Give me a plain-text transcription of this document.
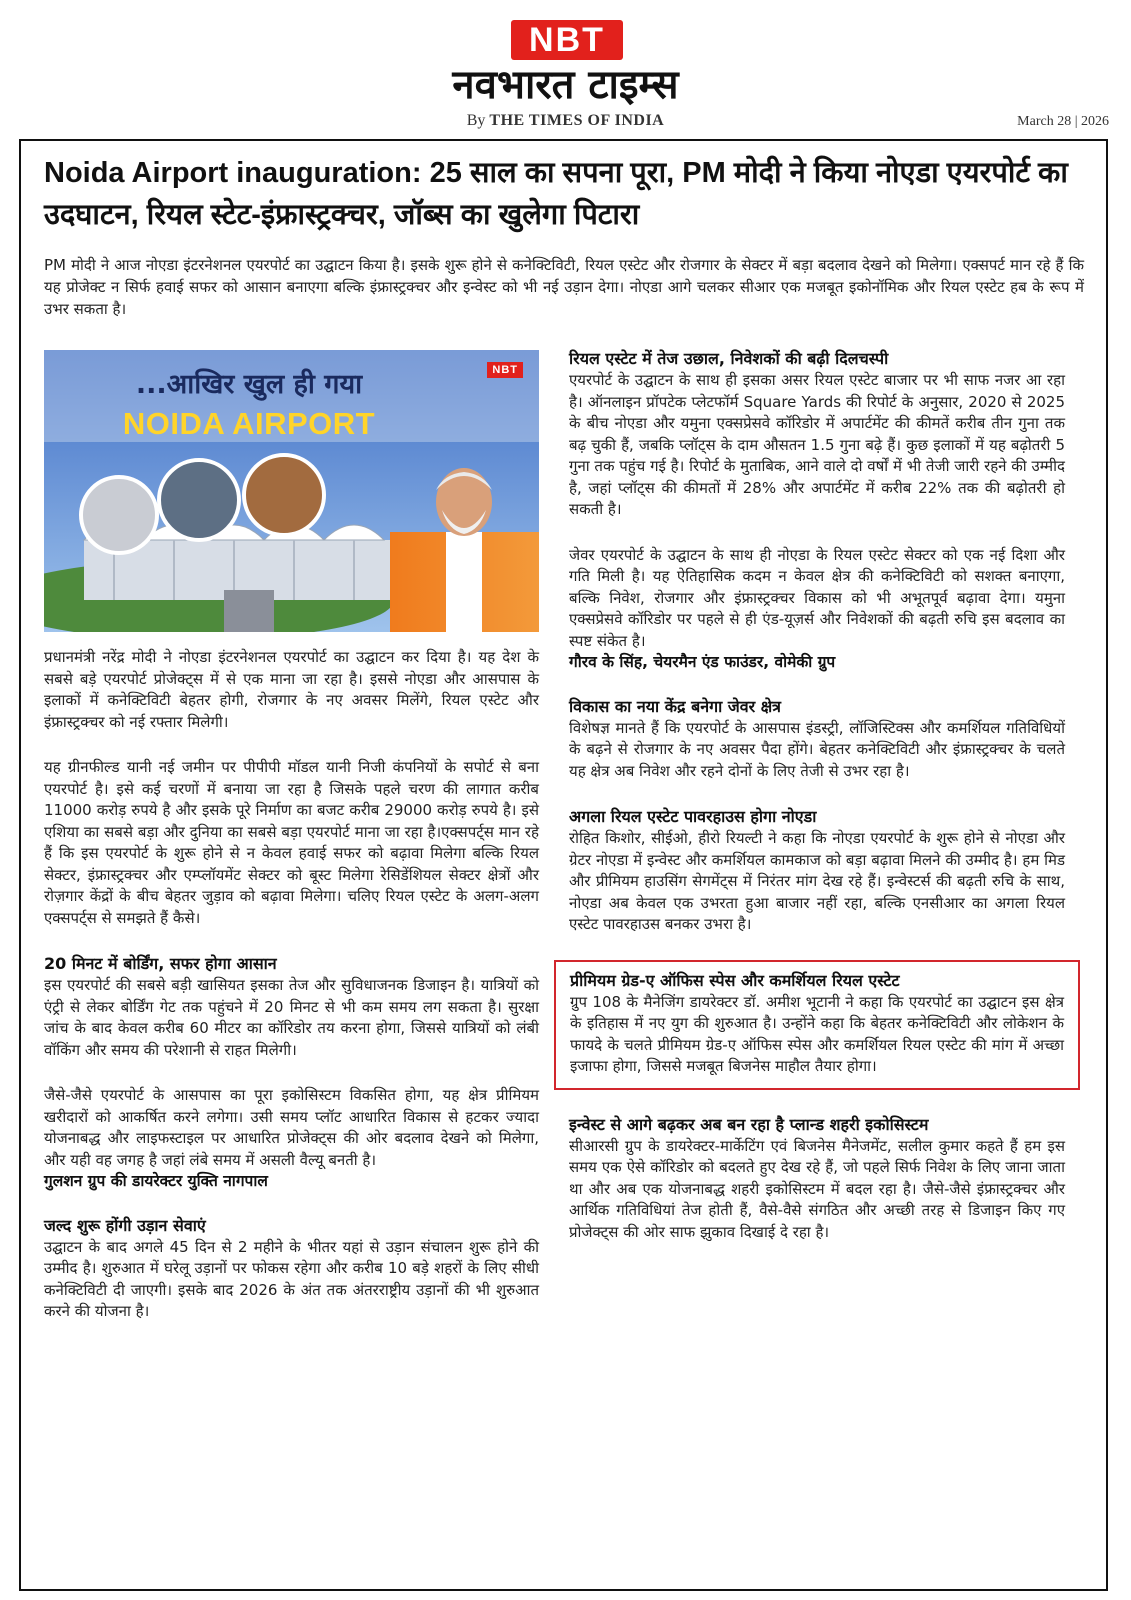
NBT
नवभारत टाइम्स
By THE TIMES OF INDIA	March 28 | 2026
Noida Airport inauguration: 25 साल का सपना पूरा, PM मोदी ने किया नोएडा एयरपोर्ट का उदघाटन, रियल स्टेट-इंफ्रास्ट्रक्चर, जॉब्स का खुलेगा पिटारा
PM मोदी ने आज नोएडा इंटरनेशनल एयरपोर्ट का उद्घाटन किया है। इसके शुरू होने से कनेक्टिविटी, रियल एस्टेट और रोजगार के सेक्टर में बड़ा बदलाव देखने को मिलेगा। एक्सपर्ट मान रहे हैं कि यह प्रोजेक्ट न सिर्फ हवाई सफर को आसान बनाएगा बल्कि इंफ्रास्ट्रक्चर और इन्वेस्ट को भी नई उड़ान देगा। नोएडा आगे चलकर सीआर एक मजबूत इकोनॉमिक और रियल एस्टेट हब के रूप में उभर सकता है।
...आखिर खुल ही गया
NOIDA AIRPORT
NBT

प्रधानमंत्री नरेंद्र मोदी ने नोएडा इंटरनेशनल एयरपोर्ट का उद्घाटन कर दिया है। यह देश के सबसे बड़े एयरपोर्ट प्रोजेक्ट्स में से एक माना जा रहा है। इससे नोएडा और आसपास के इलाकों में कनेक्टिविटी बेहतर होगी, रोजगार के नए अवसर मिलेंगे, रियल एस्टेट और इंफ्रास्ट्रक्चर को नई रफ्तार मिलेगी।

यह ग्रीनफील्ड यानी नई जमीन पर पीपीपी मॉडल यानी निजी कंपनियों के सपोर्ट से बना एयरपोर्ट है। इसे कई चरणों में बनाया जा रहा है जिसके पहले चरण की लागात करीब 11000 करोड़ रुपये है और इसके पूरे निर्माण का बजट करीब 29000 करोड़ रुपये है। इसे एशिया का सबसे बड़ा और दुनिया का सबसे बड़ा एयरपोर्ट माना जा रहा है।एक्सपर्ट्स मान रहे हैं कि इस एयरपोर्ट के शुरू होने से न केवल हवाई सफर को बढ़ावा मिलेगा बल्कि रियल सेक्टर, इंफ्रास्ट्रक्चर और एम्प्लॉयमेंट सेक्टर को बूस्ट मिलेगा रेसिडेंशियल सेक्टर क्षेत्रों और रोज़गार केंद्रों के बीच बेहतर जुड़ाव को बढ़ावा मिलेगा। चलिए रियल एस्टेट के अलग-अलग एक्सपर्ट्स से समझते हैं कैसे।

20 मिनट में बोर्डिंग, सफर होगा आसान

इस एयरपोर्ट की सबसे बड़ी खासियत इसका तेज और सुविधाजनक डिजाइन है। यात्रियों को एंट्री से लेकर बोर्डिंग गेट तक पहुंचने में 20 मिनट से भी कम समय लग सकता है। सुरक्षा जांच के बाद केवल करीब 60 मीटर का कॉरिडोर तय करना होगा, जिससे यात्रियों को लंबी वॉकिंग और समय की परेशानी से राहत मिलेगी।

जैसे-जैसे एयरपोर्ट के आसपास का पूरा इकोसिस्टम विकसित होगा, यह क्षेत्र प्रीमियम खरीदारों को आकर्षित करने लगेगा। उसी समय प्लॉट आधारित विकास से हटकर ज्यादा योजनाबद्ध और लाइफस्टाइल पर आधारित प्रोजेक्ट्स की ओर बदलाव देखने को मिलेगा, और यही वह जगह है जहां लंबे समय में असली वैल्यू बनती है।

गुलशन ग्रुप की डायरेक्टर युक्ति नागपाल
जल्द शुरू होंगी उड़ान सेवाएं

उद्घाटन के बाद अगले 45 दिन से 2 महीने के भीतर यहां से उड़ान संचालन शुरू होने की उम्मीद है। शुरुआत में घरेलू उड़ानों पर फोकस रहेगा और करीब 10 बड़े शहरों के लिए सीधी कनेक्टिविटी दी जाएगी। इसके बाद 2026 के अंत तक अंतरराष्ट्रीय उड़ानों की भी शुरुआत करने की योजना है।

रियल एस्टेट में तेज उछाल, निवेशकों की बढ़ी दिलचस्पी

एयरपोर्ट के उद्घाटन के साथ ही इसका असर रियल एस्टेट बाजार पर भी साफ नजर आ रहा है। ऑनलाइन प्रॉपटेक प्लेटफॉर्म Square Yards की रिपोर्ट के अनुसार, 2020 से 2025 के बीच नोएडा और यमुना एक्सप्रेसवे कॉरिडोर में अपार्टमेंट की कीमतें करीब तीन गुना तक बढ़ चुकी हैं, जबकि प्लॉट्स के दाम औसतन 1.5 गुना बढ़े हैं। कुछ इलाकों में यह बढ़ोतरी 5 गुना तक पहुंच गई है। रिपोर्ट के मुताबिक, आने वाले दो वर्षों में भी तेजी जारी रहने की उम्मीद है, जहां प्लॉट्स की कीमतों में 28% और अपार्टमेंट में करीब 22% तक की बढ़ोतरी हो सकती है।

जेवर एयरपोर्ट के उद्घाटन के साथ ही नोएडा के रियल एस्टेट सेक्टर को एक नई दिशा और गति मिली है। यह ऐतिहासिक कदम न केवल क्षेत्र की कनेक्टिविटी को सशक्त बनाएगा, बल्कि निवेश, रोजगार और इंफ्रास्ट्रक्चर विकास को भी अभूतपूर्व बढ़ावा देगा। यमुना एक्सप्रेसवे कॉरिडोर पर पहले से ही एंड-यूज़र्स और निवेशकों की बढ़ती रुचि इस बदलाव का स्पष्ट संकेत है।

गौरव के सिंह, चेयरमैन एंड फाउंडर, वोमेकी ग्रुप
विकास का नया केंद्र बनेगा जेवर क्षेत्र

विशेषज्ञ मानते हैं कि एयरपोर्ट के आसपास इंडस्ट्री, लॉजिस्टिक्स और कमर्शियल गतिविधियों के बढ़ने से रोजगार के नए अवसर पैदा होंगे। बेहतर कनेक्टिविटी और इंफ्रास्ट्रक्चर के चलते यह क्षेत्र अब निवेश और रहने दोनों के लिए तेजी से उभर रहा है।

अगला रियल एस्टेट पावरहाउस होगा नोएडा

रोहित किशोर, सीईओ, हीरो रियल्टी ने कहा कि नोएडा एयरपोर्ट के शुरू होने से नोएडा और ग्रेटर नोएडा में इन्वेस्ट और कमर्शियल कामकाज को बड़ा बढ़ावा मिलने की उम्मीद है। हम मिड और प्रीमियम हाउसिंग सेगमेंट्स में निरंतर मांग देख रहे हैं। इन्वेस्टर्स की बढ़ती रुचि के साथ, नोएडा अब केवल एक उभरता हुआ बाजार नहीं रहा, बल्कि एनसीआर का अगला रियल एस्टेट पावरहाउस बनकर उभरा है।

प्रीमियम ग्रेड-ए ऑफिस स्पेस और कमर्शियल रियल एस्टेट

ग्रुप 108 के मैनेजिंग डायरेक्टर डॉ. अमीश भूटानी ने कहा कि एयरपोर्ट का उद्घाटन इस क्षेत्र के इतिहास में नए युग की शुरुआत है। उन्होंने कहा कि बेहतर कनेक्टिविटी और लोकेशन के फायदे के चलते प्रीमियम ग्रेड-ए ऑफिस स्पेस और कमर्शियल रियल एस्टेट की मांग में अच्छा इजाफा होगा, जिससे मजबूत बिजनेस माहौल तैयार होगा।

इन्वेस्ट से आगे बढ़कर अब बन रहा है प्लान्ड शहरी इकोसिस्टम

सीआरसी ग्रुप के डायरेक्टर-मार्केटिंग एवं बिजनेस मैनेजमेंट, सलील कुमार कहते हैं हम इस समय एक ऐसे कॉरिडोर को बदलते हुए देख रहे हैं, जो पहले सिर्फ निवेश के लिए जाना जाता था और अब एक योजनाबद्ध शहरी इकोसिस्टम में बदल रहा है। जैसे-जैसे इंफ्रास्ट्रक्चर और आर्थिक गतिविधियां तेज होती हैं, वैसे-वैसे संगठित और अच्छी तरह से डिजाइन किए गए प्रोजेक्ट्स की ओर साफ झुकाव दिखाई दे रहा है।
